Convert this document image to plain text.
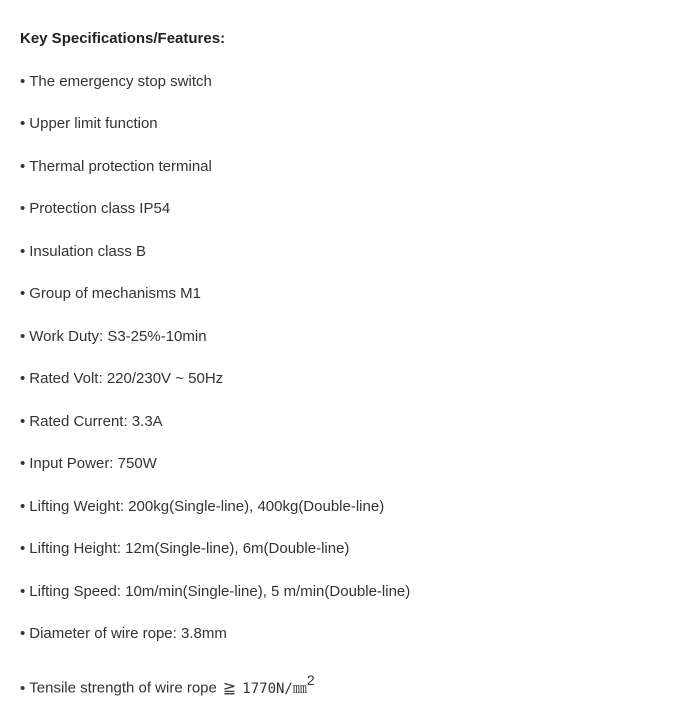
Key Specifications/Features:
• The emergency stop switch
• Upper limit function
• Thermal protection terminal
• Protection class IP54
• Insulation class B
• Group of mechanisms M1
• Work Duty: S3-25%-10min
• Rated Volt: 220/230V ~ 50Hz
• Rated Current: 3.3A
• Input Power: 750W
• Lifting Weight: 200kg(Single-line), 400kg(Double-line)
• Lifting Height: 12m(Single-line), 6m(Double-line)
• Lifting Speed: 10m/min(Single-line), 5 m/min(Double-line)
• Diameter of wire rope: 3.8mm
• Tensile strength of wire rope ≧ 1770N/㎜$^2$
